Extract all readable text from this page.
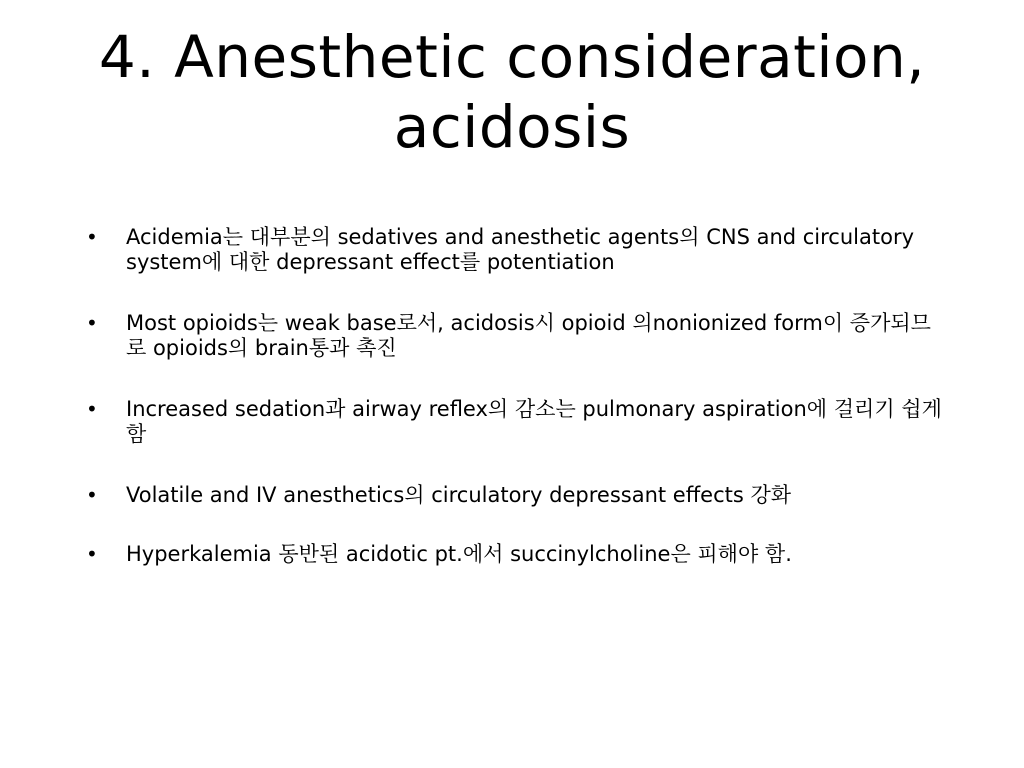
4. Anesthetic consideration,
acidosis
•	Acidemia는 대부분의 sedatives and anesthetic agents의 CNS and circulatory system에 대한 depressant effect를 potentiation
•	Most opioids는 weak base로서, acidosis시 opioid 의nonionized form이 증가되므로 opioids의 brain통과 촉진
•	Increased sedation과 airway reflex의 감소는 pulmonary aspiration에 걸리기 쉽게 함
•	Volatile and IV anesthetics의 circulatory depressant effects 강화
•	Hyperkalemia 동반된 acidotic pt.에서 succinylcholine은 피해야 함.
